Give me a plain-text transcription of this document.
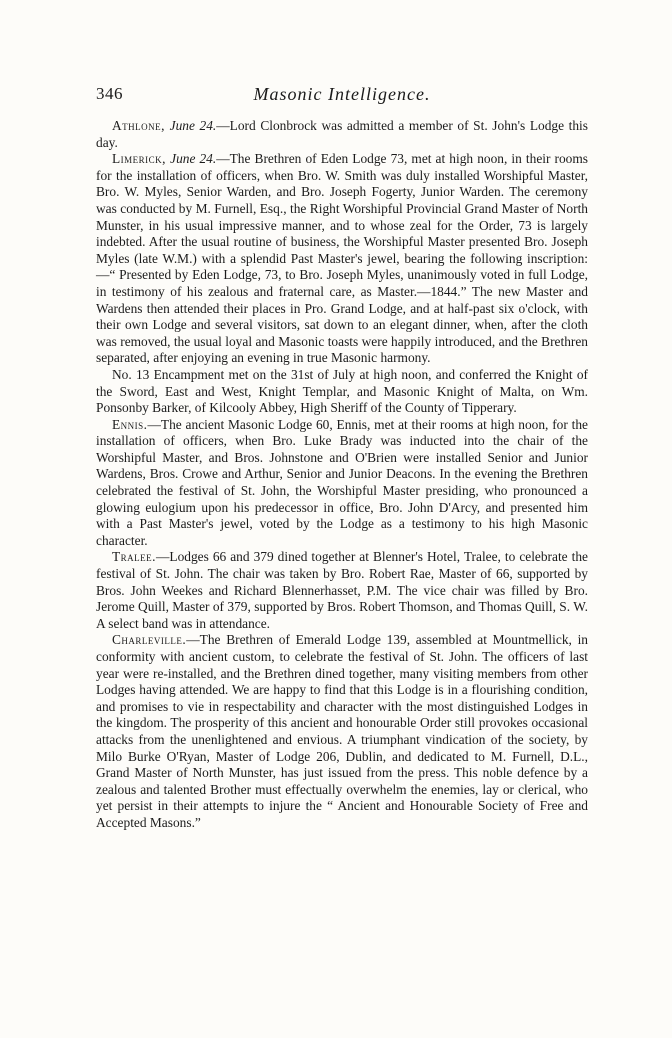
346	Masonic Intelligence.

Athlone, June 24.—Lord Clonbrock was admitted a member of St. John's Lodge this day.

Limerick, June 24.—The Brethren of Eden Lodge 73, met at high noon, in their rooms for the installation of officers, when Bro. W. Smith was duly installed Worshipful Master, Bro. W. Myles, Senior Warden, and Bro. Joseph Fogerty, Junior Warden. The ceremony was conducted by M. Furnell, Esq., the Right Worshipful Provincial Grand Master of North Munster, in his usual impressive manner, and to whose zeal for the Order, 73 is largely indebted. After the usual routine of business, the Worshipful Master presented Bro. Joseph Myles (late W.M.) with a splendid Past Master's jewel, bearing the following inscription:—“ Presented by Eden Lodge, 73, to Bro. Joseph Myles, unanimously voted in full Lodge, in testimony of his zealous and fraternal care, as Master.—1844.” The new Master and Wardens then attended their places in Pro. Grand Lodge, and at half-past six o'clock, with their own Lodge and several visitors, sat down to an elegant dinner, when, after the cloth was removed, the usual loyal and Masonic toasts were happily introduced, and the Brethren separated, after enjoying an evening in true Masonic harmony.

No. 13 Encampment met on the 31st of July at high noon, and conferred the Knight of the Sword, East and West, Knight Templar, and Masonic Knight of Malta, on Wm. Ponsonby Barker, of Kilcooly Abbey, High Sheriff of the County of Tipperary.

Ennis.—The ancient Masonic Lodge 60, Ennis, met at their rooms at high noon, for the installation of officers, when Bro. Luke Brady was inducted into the chair of the Worshipful Master, and Bros. Johnstone and O'Brien were installed Senior and Junior Wardens, Bros. Crowe and Arthur, Senior and Junior Deacons. In the evening the Brethren celebrated the festival of St. John, the Worshipful Master presiding, who pronounced a glowing eulogium upon his predecessor in office, Bro. John D'Arcy, and presented him with a Past Master's jewel, voted by the Lodge as a testimony to his high Masonic character.

Tralee.—Lodges 66 and 379 dined together at Blenner's Hotel, Tralee, to celebrate the festival of St. John. The chair was taken by Bro. Robert Rae, Master of 66, supported by Bros. John Weekes and Richard Blennerhasset, P.M. The vice chair was filled by Bro. Jerome Quill, Master of 379, supported by Bros. Robert Thomson, and Thomas Quill, S. W. A select band was in attendance.

Charleville.—The Brethren of Emerald Lodge 139, assembled at Mountmellick, in conformity with ancient custom, to celebrate the festival of St. John. The officers of last year were re-installed, and the Brethren dined together, many visiting members from other Lodges having attended. We are happy to find that this Lodge is in a flourishing condition, and promises to vie in respectability and character with the most distinguished Lodges in the kingdom. The prosperity of this ancient and honourable Order still provokes occasional attacks from the unenlightened and envious. A triumphant vindication of the society, by Milo Burke O'Ryan, Master of Lodge 206, Dublin, and dedicated to M. Furnell, D.L., Grand Master of North Munster, has just issued from the press. This noble defence by a zealous and talented Brother must effectually overwhelm the enemies, lay or clerical, who yet persist in their attempts to injure the “ Ancient and Honourable Society of Free and Accepted Masons.”
